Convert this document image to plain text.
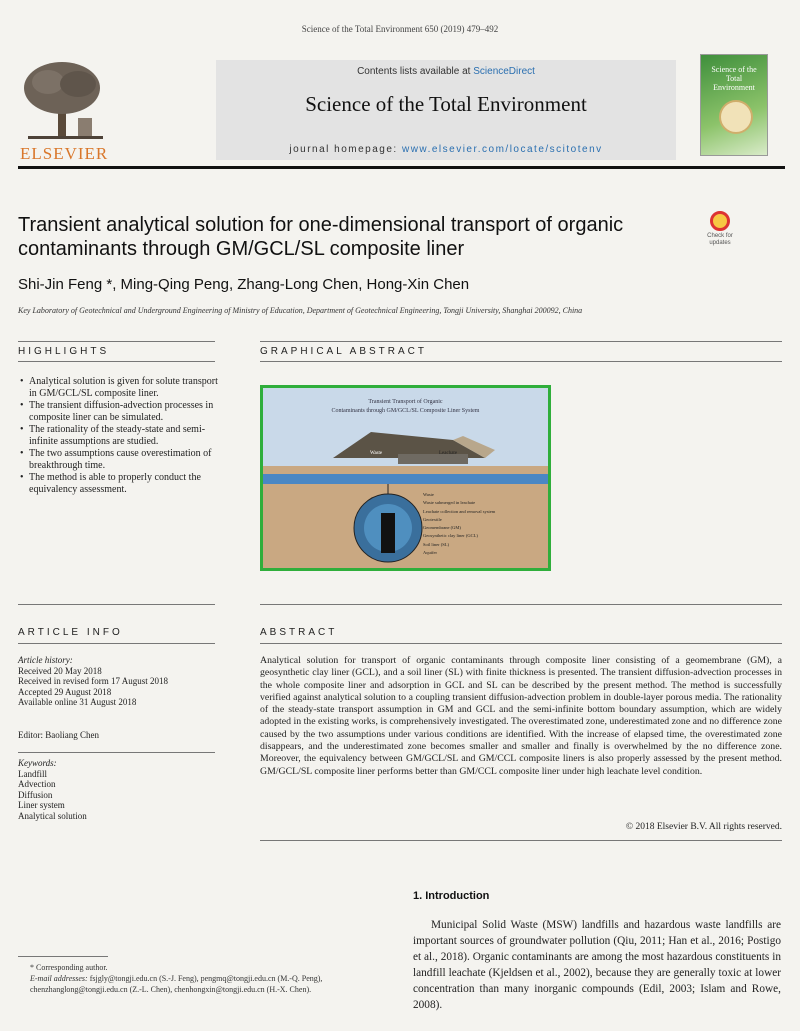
Science of the Total Environment 650 (2019) 479–492
ELSEVIER
Contents lists available at ScienceDirect
Science of the Total Environment
journal homepage: www.elsevier.com/locate/scitotenv
Science of the Total Environment
Transient analytical solution for one-dimensional transport of organic contaminants through GM/GCL/SL composite liner
Check for updates
Shi-Jin Feng *, Ming-Qing Peng, Zhang-Long Chen, Hong-Xin Chen
Key Laboratory of Geotechnical and Underground Engineering of Ministry of Education, Department of Geotechnical Engineering, Tongji University, Shanghai 200092, China
HIGHLIGHTS
• Analytical solution is given for solute transport in GM/GCL/SL composite liner.
• The transient diffusion-advection processes in composite liner can be simulated.
• The rationality of the steady-state and semi-infinite assumptions are studied.
• The two assumptions cause overestimation of breakthrough time.
• The method is able to properly conduct the equivalency assessment.
GRAPHICAL ABSTRACT
Transient Transport of Organic
Contaminants through GM/GCL/SL Composite Liner System
Waste	Leachate
Waste
Waste submerged in leachate
Leachate collection and removal system
Geotextile
Geomembrane (GM)
Geosynthetic clay liner (GCL)
Soil liner (SL)
Aquifer
ARTICLE INFO
Article history:
Received 20 May 2018
Received in revised form 17 August 2018
Accepted 29 August 2018
Available online 31 August 2018
Editor: Baoliang Chen
Keywords:
Landfill
Advection
Diffusion
Liner system
Analytical solution
ABSTRACT
Analytical solution for transport of organic contaminants through composite liner consisting of a geomembrane (GM), a geosynthetic clay liner (GCL), and a soil liner (SL) with finite thickness is presented. The transient diffusion-advection processes in the whole composite liner and adsorption in GCL and SL can be described by the present method. The method is successfully verified against analytical solution to a coupling transient diffusion-advection problem in double-layer porous media. The rationality of the steady-state transport assumption in GM and GCL and the semi-infinite bottom boundary assumption, which are widely adopted in the existing works, is comprehensively investigated. The overestimated zone, underestimated zone and no difference zone caused by the two assumptions under various conditions are identified. With the increase of elapsed time, the overestimated zone disappears, and the underestimated zone becomes smaller and smaller and finally is overwhelmed by the no difference zone. Moreover, the equivalency between GM/GCL/SL and GM/CCL composite liners is also properly assessed by the present method. GM/GCL/SL composite liner performs better than GM/CCL composite liner under high leachate level condition.
© 2018 Elsevier B.V. All rights reserved.
1. Introduction
Municipal Solid Waste (MSW) landfills and hazardous waste landfills are important sources of groundwater pollution (Qiu, 2011; Han et al., 2016; Postigo et al., 2018). Organic contaminants are among the most hazardous constituents in landfill leachate (Kjeldsen et al., 2002), because they are generally toxic at lower concentration than many inorganic compounds (Edil, 2003; Islam and Rowe, 2008).
* Corresponding author.
E-mail addresses: fsjgly@tongji.edu.cn (S.-J. Feng), pengmq@tongji.edu.cn (M.-Q. Peng), chenzhanglong@tongji.edu.cn (Z.-L. Chen), chenhongxin@tongji.edu.cn (H.-X. Chen).
